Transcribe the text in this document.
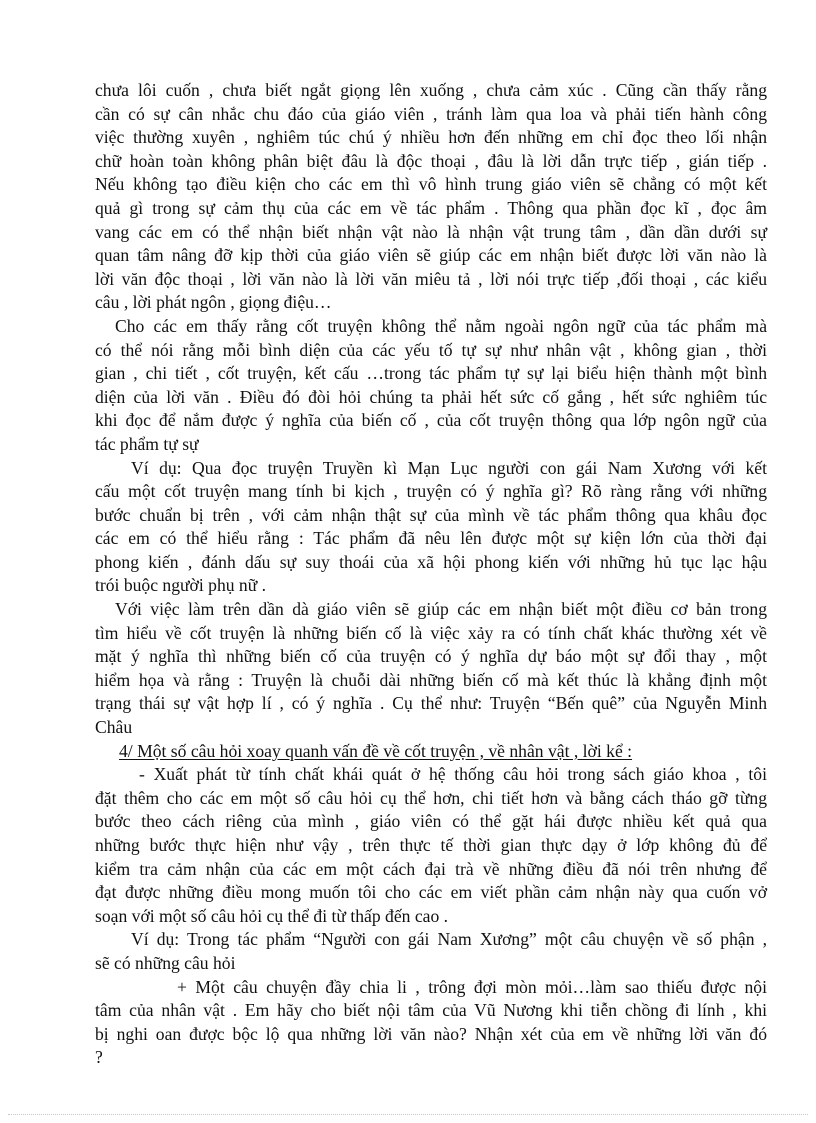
chưa lôi cuốn , chưa biết ngắt giọng lên xuống , chưa cảm xúc . Cũng cần thấy rằng

cần có sự cân nhắc chu đáo của giáo viên , tránh làm qua loa và phải tiến hành công

việc thường xuyên , nghiêm túc chú ý nhiều hơn đến những em chỉ đọc theo lối nhận

chữ hoàn toàn không phân biệt đâu là độc thoại , đâu là lời dẫn trực tiếp , gián tiếp .

Nếu không tạo điều kiện cho các em thì vô hình trung giáo viên sẽ chẳng có một kết

quả gì trong sự cảm thụ của các em về tác phẩm . Thông qua phần đọc kĩ , đọc âm

vang các em có thể nhận biết nhận vật nào là nhận vật trung tâm , dần dần dưới sự

quan tâm nâng đỡ kịp thời của giáo viên sẽ giúp các em nhận biết được lời văn nào là

lời văn độc thoại , lời văn nào là lời văn miêu tả , lời nói trực tiếp ,đối thoại , các kiểu

câu , lời phát ngôn , giọng điệu…

Cho các em thấy rằng cốt truyện không thể nằm ngoài ngôn ngữ của tác phẩm mà

có thể nói rằng mỗi bình diện của các yếu tố tự sự như nhân vật , không gian , thời

gian , chi tiết , cốt truyện, kết cấu …trong tác phẩm tự sự lại biểu hiện thành một bình

diện của lời văn . Điều đó đòi hỏi chúng ta phải hết sức cố gắng , hết sức nghiêm túc

khi đọc để nắm được ý nghĩa của biến cố , của cốt truyện thông qua lớp ngôn ngữ của

tác phẩm tự sự

Ví dụ: Qua đọc truyện Truyền kì Mạn Lục người con gái Nam Xương với kết

cấu một cốt truyện mang tính bi kịch , truyện có ý nghĩa gì? Rõ ràng rằng với những

bước chuẩn bị trên , với cảm nhận thật sự của mình về tác phẩm thông qua khâu đọc

các em có thể hiểu rằng : Tác phẩm đã nêu lên được một sự kiện lớn của thời đại

phong kiến , đánh dấu sự suy thoái của xã hội phong kiến với những hủ tục lạc hậu

trói buộc người phụ nữ .

Với việc làm trên dần dà giáo viên sẽ giúp các em nhận biết một điều cơ bản trong

tìm hiểu về cốt truyện là những biến cố là việc xảy ra có tính chất khác thường xét về

mặt ý nghĩa thì những biến cố của truyện có ý nghĩa dự báo một sự đổi thay , một

hiểm họa và rằng : Truyện là chuỗi dài những biến cố mà kết thúc là khẳng định một

trạng thái sự vật hợp lí , có ý nghĩa . Cụ thể như: Truyện “Bến quê” của Nguyễn Minh

Châu

4/ Một số câu hỏi xoay quanh vấn đề về cốt truyện , về nhân vật , lời kể :

- Xuất phát từ tính chất khái quát ở hệ thống câu hỏi trong sách giáo khoa , tôi

đặt thêm cho các em một số câu hỏi cụ thể hơn, chi tiết hơn và bằng cách tháo gỡ từng

bước theo cách riêng của mình , giáo viên có thể gặt hái được nhiều kết quả qua

những bước thực hiện như vậy , trên thực tế thời gian thực dạy ở lớp không đủ để

kiểm tra cảm nhận của các em một cách đại trà về những điều đã nói trên nhưng để

đạt được những điều mong muốn tôi cho các em viết phần cảm nhận này qua cuốn vở

soạn với một số câu hỏi cụ thể đi từ thấp đến cao .

Ví dụ: Trong tác phẩm “Người con gái Nam Xương” một câu chuyện về số phận ,

sẽ có những câu hỏi

+ Một câu chuyện đầy chia li , trông đợi mòn mỏi…làm sao thiếu được nội

tâm của nhân vật . Em hãy cho biết nội tâm của Vũ Nương khi tiễn chồng đi lính , khi

bị nghi oan được bộc lộ qua những lời văn nào? Nhận xét của em về những lời văn đó

?
